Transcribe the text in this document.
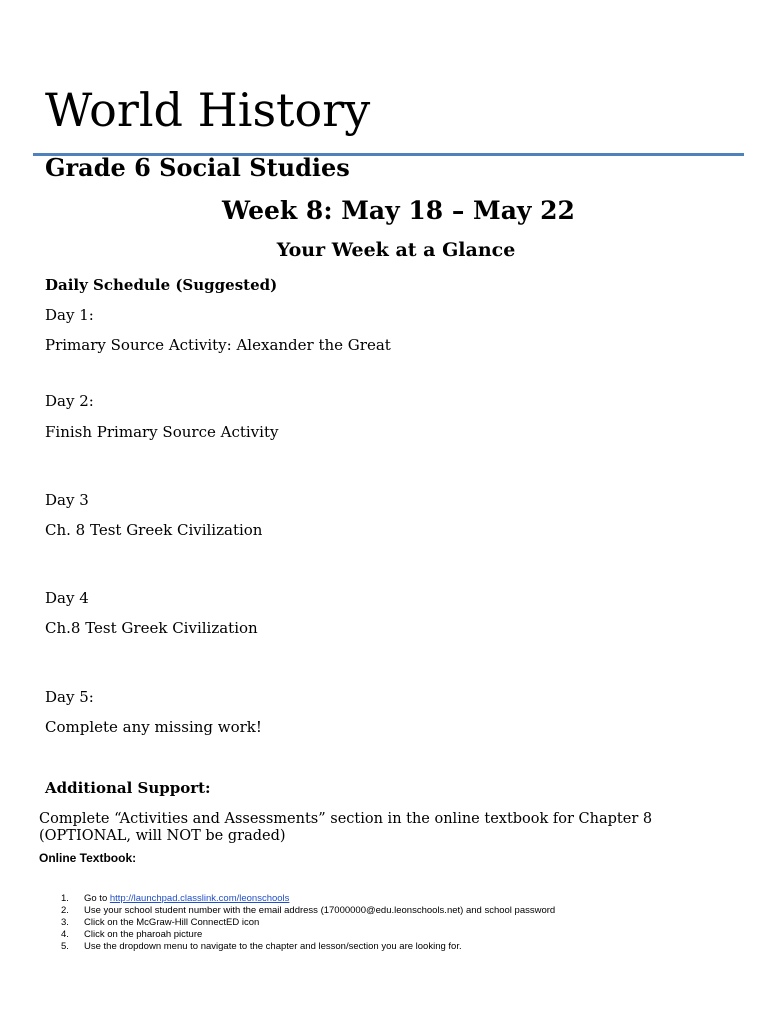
World History
Grade 6 Social Studies
Week 8: May 18 – May 22
Your Week at a Glance
Daily Schedule (Suggested)
Day 1:
Primary Source Activity: Alexander the Great
Day 2:
Finish Primary Source Activity
Day 3
Ch. 8 Test Greek Civilization
Day 4
Ch.8 Test Greek Civilization
Day 5:
Complete any missing work!
Additional Support:
Complete “Activities and Assessments” section in the online textbook for Chapter 8 (OPTIONAL, will NOT be graded)
Online Textbook:
1. Go to http://launchpad.classlink.com/leonschools
2. Use your school student number with the email address (17000000@edu.leonschools.net) and school password
3. Click on the McGraw-Hill ConnectED icon
4. Click on the pharoah picture
5. Use the dropdown menu to navigate to the chapter and lesson/section you are looking for.
